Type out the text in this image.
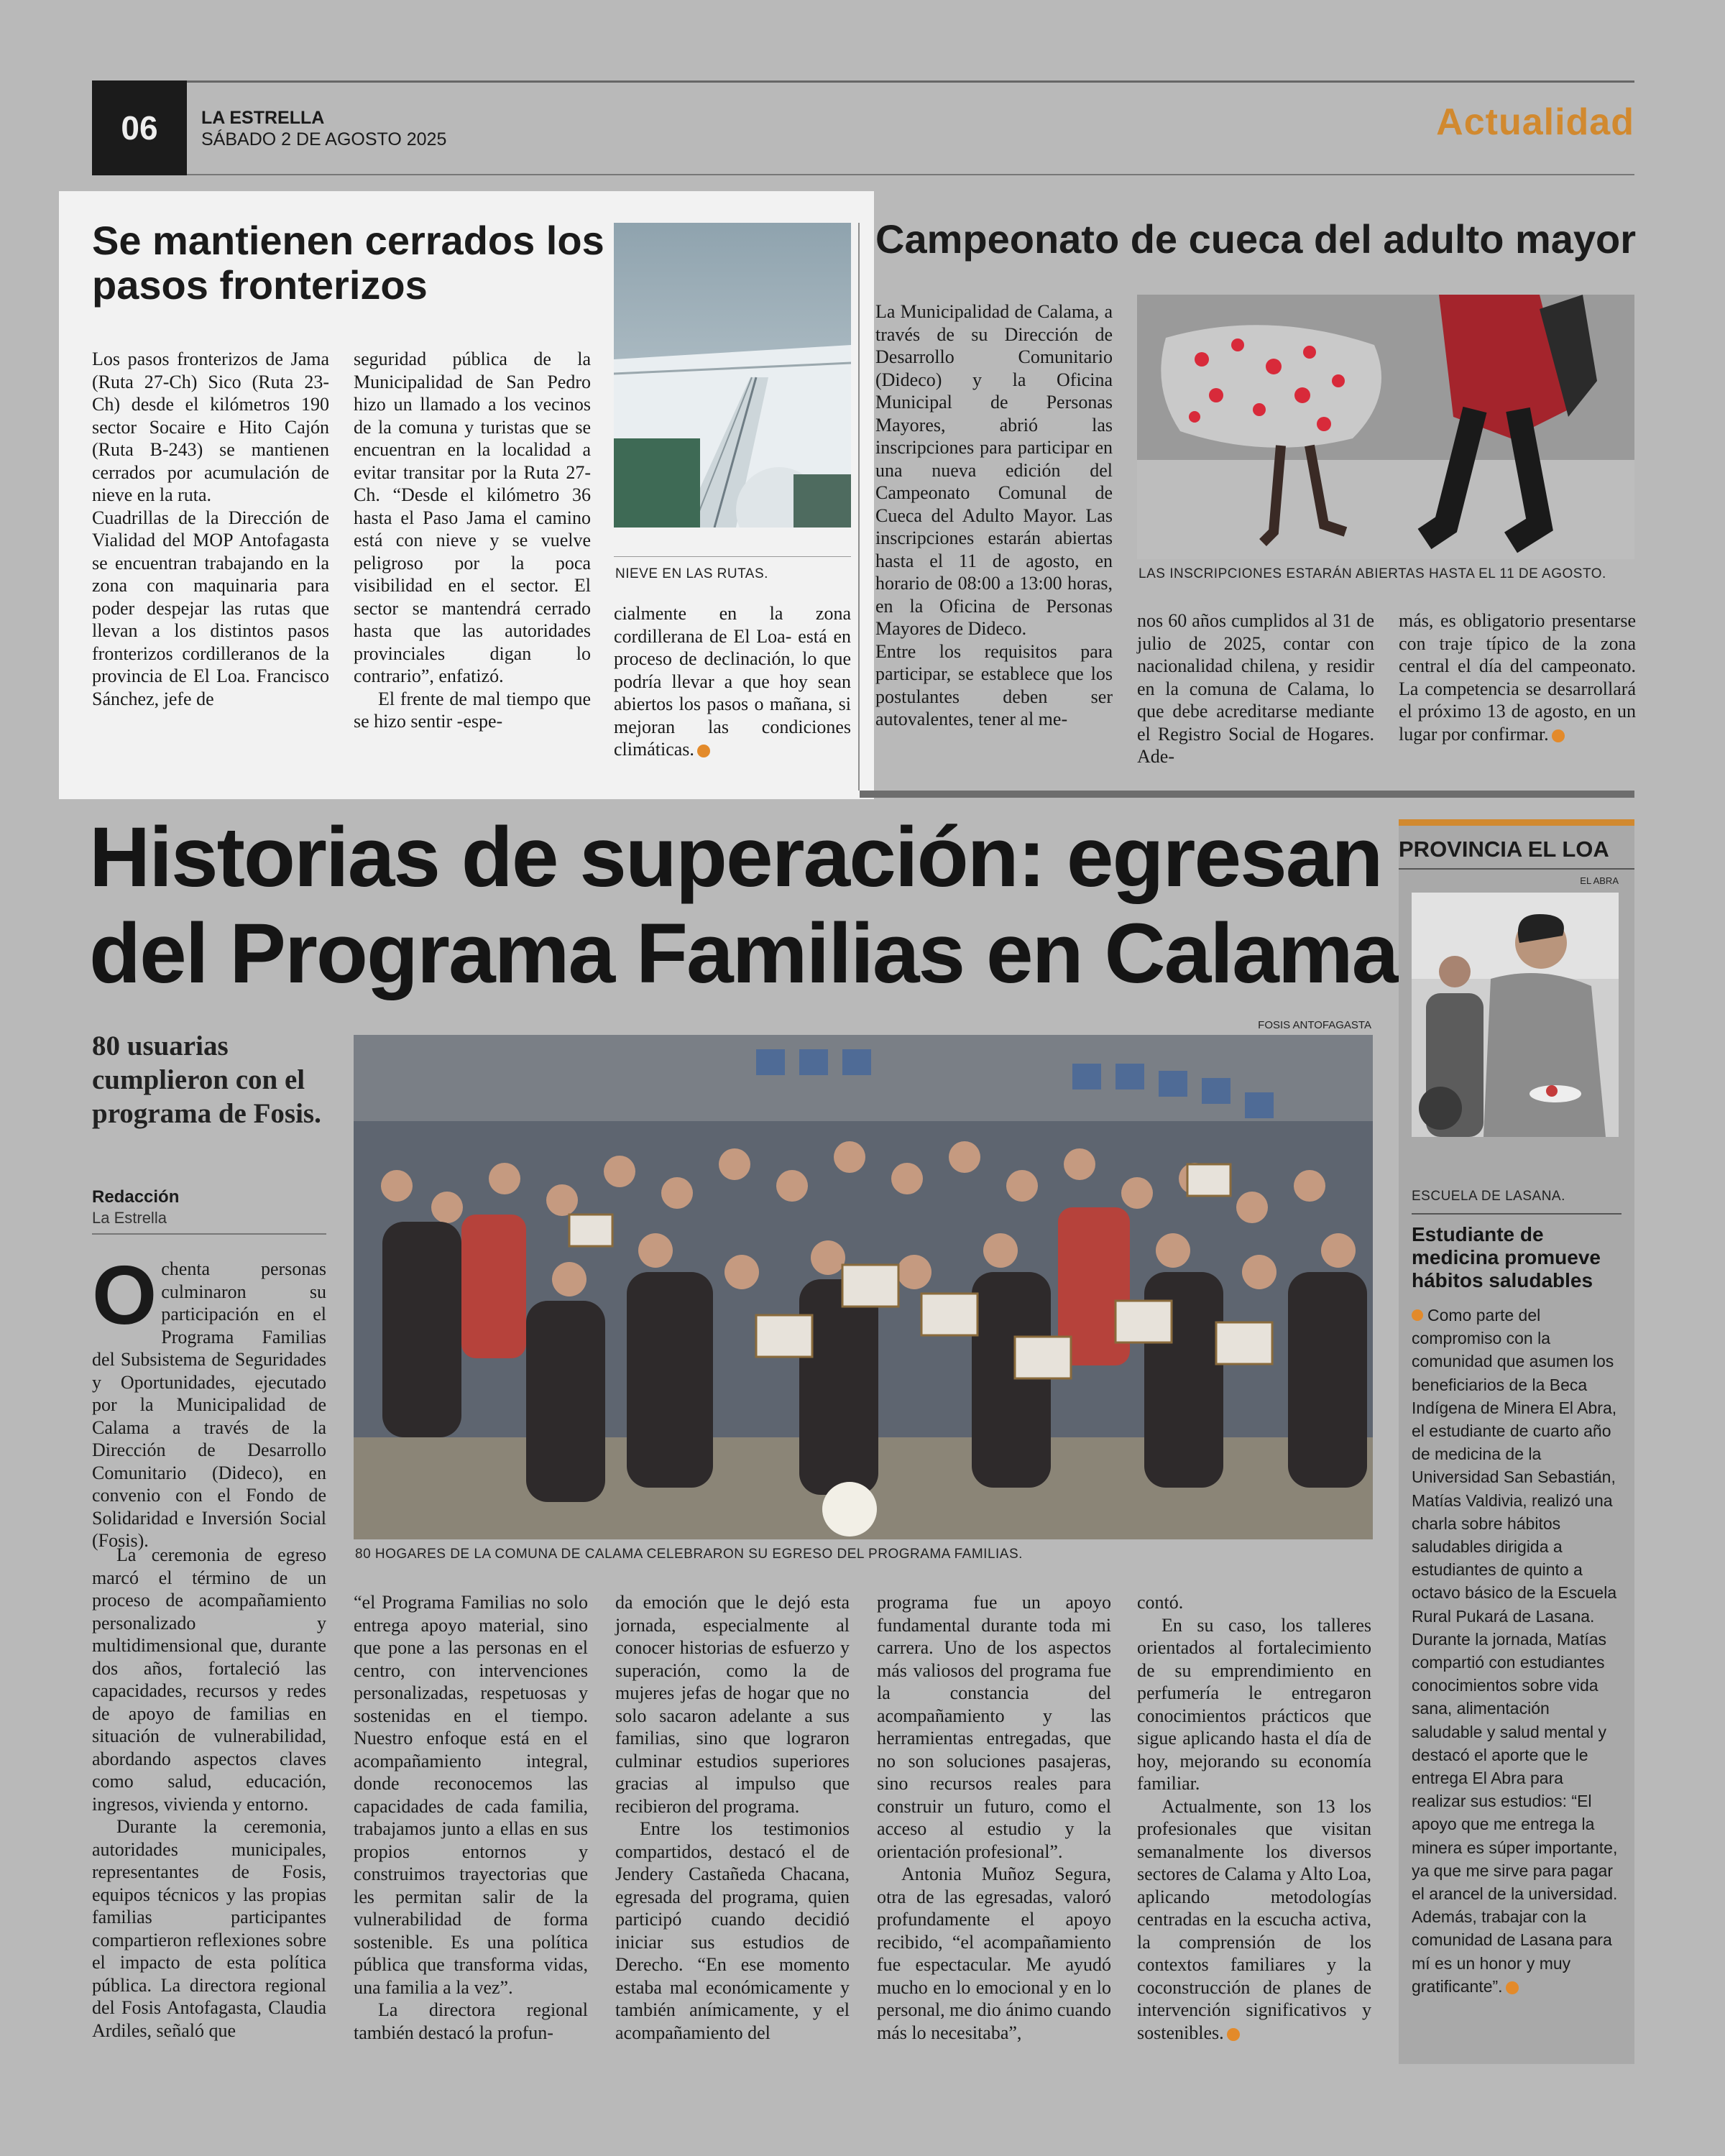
06	LA ESTRELLA
SÁBADO 2 DE AGOSTO 2025	Actualidad
Se mantienen cerrados los pasos fronterizos
NIEVE EN LAS RUTAS.

Los pasos fronterizos de Jama (Ruta 27-Ch) Sico (Ruta 23-Ch) desde el kilómetros 190 sector Socaire e Hito Cajón (Ruta B-243) se mantienen cerrados por acumulación de nieve en la ruta.

Cuadrillas de la Dirección de Vialidad del MOP Antofagasta se encuentran trabajando en la zona con maquinaria para poder despejar las rutas que llevan a los distintos pasos fronterizos cordilleranos de la provincia de El Loa. Francisco Sánchez, jefe de

seguridad pública de la Municipalidad de San Pedro hizo un llamado a los vecinos de la comuna y turistas que se encuentran en la localidad a evitar transitar por la Ruta 27-Ch. “Desde el kilómetro 36 hasta el Paso Jama el camino está con nieve y se vuelve peligroso por la poca visibilidad en el sector. El sector se mantendrá cerrado hasta que las autoridades provinciales digan lo contrario”, enfatizó.

El frente de mal tiempo que se hizo sentir -espe-

cialmente en la zona cordillerana de El Loa- está en proceso de declinación, lo que podría llevar a que hoy sean abiertos los pasos o mañana, si mejoran las condiciones climáticas.

Campeonato de cueca del adulto mayor
LAS INSCRIPCIONES ESTARÁN ABIERTAS HASTA EL 11 DE AGOSTO.

La Municipalidad de Calama, a través de su Dirección de Desarrollo Comunitario (Dideco) y la Oficina Municipal de Personas Mayores, abrió las inscripciones para participar en una nueva edición del Campeonato Comunal de Cueca del Adulto Mayor. Las inscripciones estarán abiertas hasta el 11 de agosto, en horario de 08:00 a 13:00 horas, en la Oficina de Personas Mayores de Dideco.

Entre los requisitos para participar, se establece que los postulantes deben ser autovalentes, tener al me-

nos 60 años cumplidos al 31 de julio de 2025, contar con nacionalidad chilena, y residir en la comuna de Calama, lo que debe acreditarse mediante el Registro Social de Hogares. Ade-

más, es obligatorio presentarse con traje típico de la zona central el día del campeonato. La competencia se desarrollará el próximo 13 de agosto, en un lugar por confirmar.

Historias de superación: egresan
del Programa Familias en Calama
80 usuarias cumplieron con el programa de Fosis.
Redacción
La Estrella
FOSIS ANTOFAGASTA
80 HOGARES DE LA COMUNA DE CALAMA CELEBRARON SU EGRESO DEL PROGRAMA FAMILIAS.

Ochenta personas culminaron su participación en el Programa Familias del Subsistema de Seguridades y Oportunidades, ejecutado por la Municipalidad de Calama a través de la Dirección de Desarrollo Comunitario (Dideco), en convenio con el Fondo de Solidaridad e Inversión Social (Fosis).

La ceremonia de egreso marcó el término de un proceso de acompañamiento personalizado y multidimensional que, durante dos años, fortaleció las capacidades, recursos y redes de apoyo de familias en situación de vulnerabilidad, abordando aspectos claves como salud, educación, ingresos, vivienda y entorno.

Durante la ceremonia, autoridades municipales, representantes de Fosis, equipos técnicos y las propias familias participantes compartieron reflexiones sobre el impacto de esta política pública. La directora regional del Fosis Antofagasta, Claudia Ardiles, señaló que

“el Programa Familias no solo entrega apoyo material, sino que pone a las personas en el centro, con intervenciones personalizadas, respetuosas y sostenidas en el tiempo. Nuestro enfoque está en el acompañamiento integral, donde reconocemos las capacidades de cada familia, trabajamos junto a ellas en sus propios entornos y construimos trayectorias que les permitan salir de la vulnerabilidad de forma sostenible. Es una política pública que transforma vidas, una familia a la vez”.

La directora regional también destacó la profun-

da emoción que le dejó esta jornada, especialmente al conocer historias de esfuerzo y superación, como la de mujeres jefas de hogar que no solo sacaron adelante a sus familias, sino que lograron culminar estudios superiores gracias al impulso que recibieron del programa.

Entre los testimonios compartidos, destacó el de Jendery Castañeda Chacana, egresada del programa, quien participó cuando decidió iniciar sus estudios de Derecho. “En ese momento estaba mal económicamente y también anímicamente, y el acompañamiento del

programa fue un apoyo fundamental durante toda mi carrera. Uno de los aspectos más valiosos del programa fue la constancia del acompañamiento y las herramientas entregadas, que no son soluciones pasajeras, sino recursos reales para construir un futuro, como el acceso al estudio y la orientación profesional”.

Antonia Muñoz Segura, otra de las egresadas, valoró profundamente el apoyo recibido, “el acompañamiento fue espectacular. Me ayudó mucho en lo emocional y en lo personal, me dio ánimo cuando más lo necesitaba”,

contó.

En su caso, los talleres orientados al fortalecimiento de su emprendimiento en perfumería le entregaron conocimientos prácticos que sigue aplicando hasta el día de hoy, mejorando su economía familiar.

Actualmente, son 13 los profesionales que visitan semanalmente los diversos sectores de Calama y Alto Loa, aplicando metodologías centradas en la escucha activa, la comprensión de los contextos familiares y la coconstrucción de planes de intervención significativos y sostenibles.

PROVINCIA EL LOA
EL ABRA
ESCUELA DE LASANA.
Estudiante de medicina promueve hábitos saludables
Como parte del compromiso con la comunidad que asumen los beneficiarios de la Beca Indígena de Minera El Abra, el estudiante de cuarto año de medicina de la Universidad San Sebastián, Matías Valdivia, realizó una charla sobre hábitos saludables dirigida a estudiantes de quinto a octavo básico de la Escuela Rural Pukará de Lasana. Durante la jornada, Matías compartió con estudiantes conocimientos sobre vida sana, alimentación saludable y salud mental y destacó el aporte que le entrega El Abra para realizar sus estudios: “El apoyo que me entrega la minera es súper importante, ya que me sirve para pagar el arancel de la universidad. Además, trabajar con la comunidad de Lasana para mí es un honor y muy gratificante”.
